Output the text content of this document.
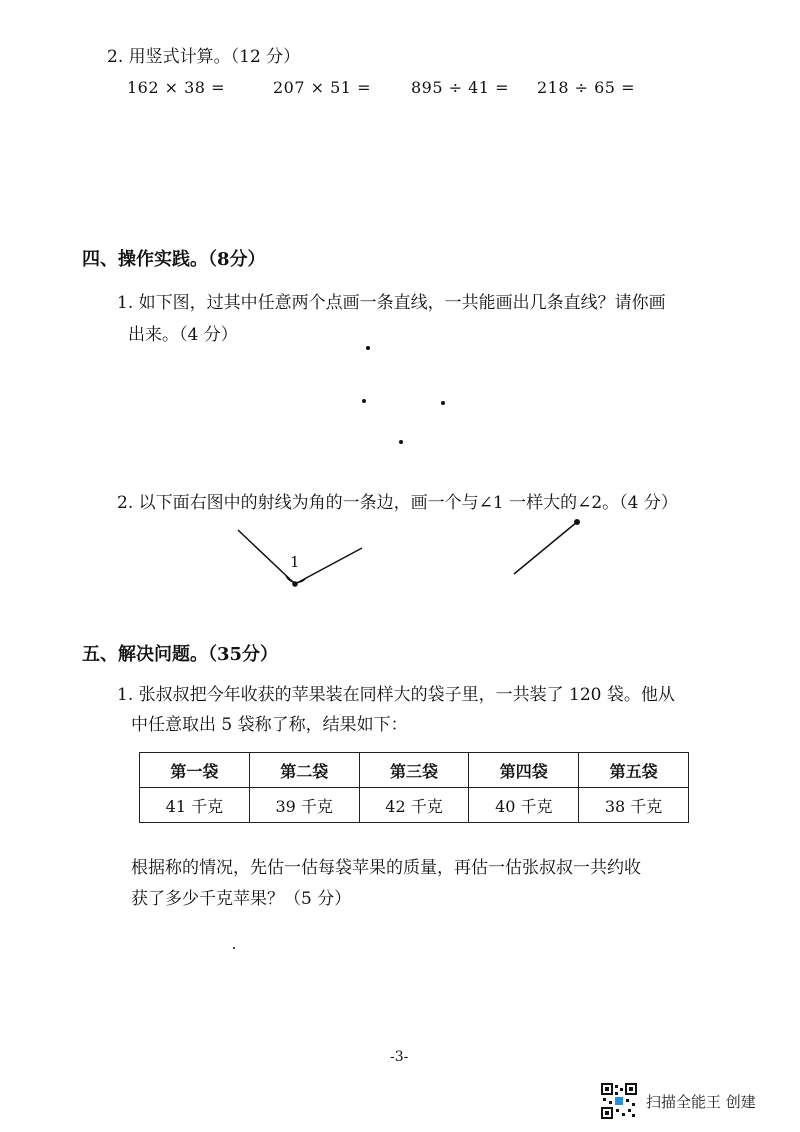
2. 用竖式计算。（12 分）
162 × 38 =	207 × 51 =	895 ÷ 41 = 218 ÷ 65 =
四、操作实践。（8分）
1. 如下图，过其中任意两个点画一条直线，一共能画出几条直线？请你画
出来。（4 分）
2. 以下面右图中的射线为角的一条边，画一个与∠1 一样大的∠2。（4 分）
1
五、解决问题。（35分）
1. 张叔叔把今年收获的苹果装在同样大的袋子里，一共装了 120 袋。他从
中任意取出 5 袋称了称，结果如下：
第一袋	第二袋	第三袋	第四袋	第五袋
41 千克	39 千克	42 千克	40 千克	38 千克
根据称的情况，先估一估每袋苹果的质量，再估一估张叔叔一共约收
获了多少千克苹果？（5 分）
-3-
扫描全能王 创建
